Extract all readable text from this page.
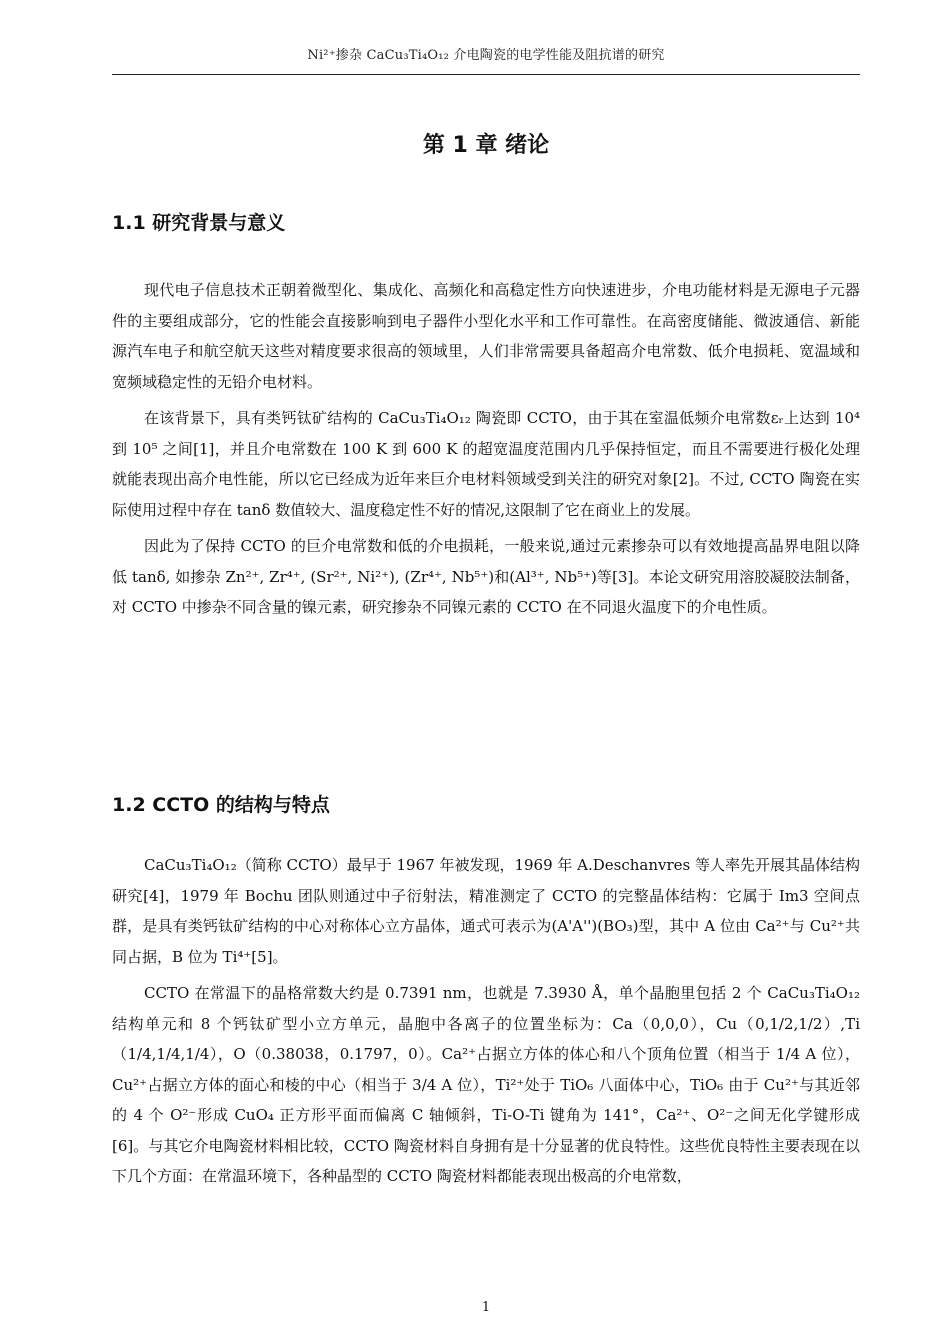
Ni²⁺掺杂 CaCu₃Ti₄O₁₂ 介电陶瓷的电学性能及阻抗谱的研究
第 1 章 绪论
1.1 研究背景与意义

现代电子信息技术正朝着微型化、集成化、高频化和高稳定性方向快速进步，介电功能材料是无源电子元器件的主要组成部分，它的性能会直接影响到电子器件小型化水平和工作可靠性。在高密度储能、微波通信、新能源汽车电子和航空航天这些对精度要求很高的领域里，人们非常需要具备超高介电常数、低介电损耗、宽温域和宽频域稳定性的无铅介电材料。

在该背景下，具有类钙钛矿结构的 CaCu₃Ti₄O₁₂ 陶瓷即 CCTO，由于其在室温低频介电常数εᵣ上达到 10⁴ 到 10⁵ 之间[1]，并且介电常数在 100 K 到 600 K 的超宽温度范围内几乎保持恒定，而且不需要进行极化处理就能表现出高介电性能，所以它已经成为近年来巨介电材料领域受到关注的研究对象[2]。不过, CCTO 陶瓷在实际使用过程中存在 tanδ 数值较大、温度稳定性不好的情况,这限制了它在商业上的发展。

因此为了保持 CCTO 的巨介电常数和低的介电损耗，一般来说,通过元素掺杂可以有效地提高晶界电阻以降低 tanδ, 如掺杂 Zn²⁺, Zr⁴⁺, (Sr²⁺, Ni²⁺), (Zr⁴⁺, Nb⁵⁺)和(Al³⁺, Nb⁵⁺)等[3]。本论文研究用溶胶凝胶法制备，对 CCTO 中掺杂不同含量的镍元素，研究掺杂不同镍元素的 CCTO 在不同退火温度下的介电性质。

1.2 CCTO 的结构与特点

CaCu₃Ti₄O₁₂（简称 CCTO）最早于 1967 年被发现，1969 年 A.Deschanvres 等人率先开展其晶体结构研究[4]，1979 年 Bochu 团队则通过中子衍射法，精准测定了 CCTO 的完整晶体结构：它属于 Im3 空间点群，是具有类钙钛矿结构的中心对称体心立方晶体，通式可表示为(A'A'')(BO₃)型，其中 A 位由 Ca²⁺与 Cu²⁺共同占据，B 位为 Ti⁴⁺[5]。

CCTO 在常温下的晶格常数大约是 0.7391 nm，也就是 7.3930 Å，单个晶胞里包括 2 个 CaCu₃Ti₄O₁₂ 结构单元和 8 个钙钛矿型小立方单元，晶胞中各离子的位置坐标为：Ca（0,0,0），Cu（0,1/2,1/2）,Ti（1/4,1/4,1/4），O（0.38038，0.1797，0）。Ca²⁺占据立方体的体心和八个顶角位置（相当于 1/4 A 位），Cu²⁺占据立方体的面心和棱的中心（相当于 3/4 A 位），Ti²⁺处于 TiO₆ 八面体中心，TiO₆ 由于 Cu²⁺与其近邻的 4 个 O²⁻形成 CuO₄ 正方形平面而偏离 C 轴倾斜，Ti-O-Ti 键角为 141°，Ca²⁺、O²⁻之间无化学键形成[6]。与其它介电陶瓷材料相比较，CCTO 陶瓷材料自身拥有是十分显著的优良特性。这些优良特性主要表现在以下几个方面：在常温环境下，各种晶型的 CCTO 陶瓷材料都能表现出极高的介电常数，

1
